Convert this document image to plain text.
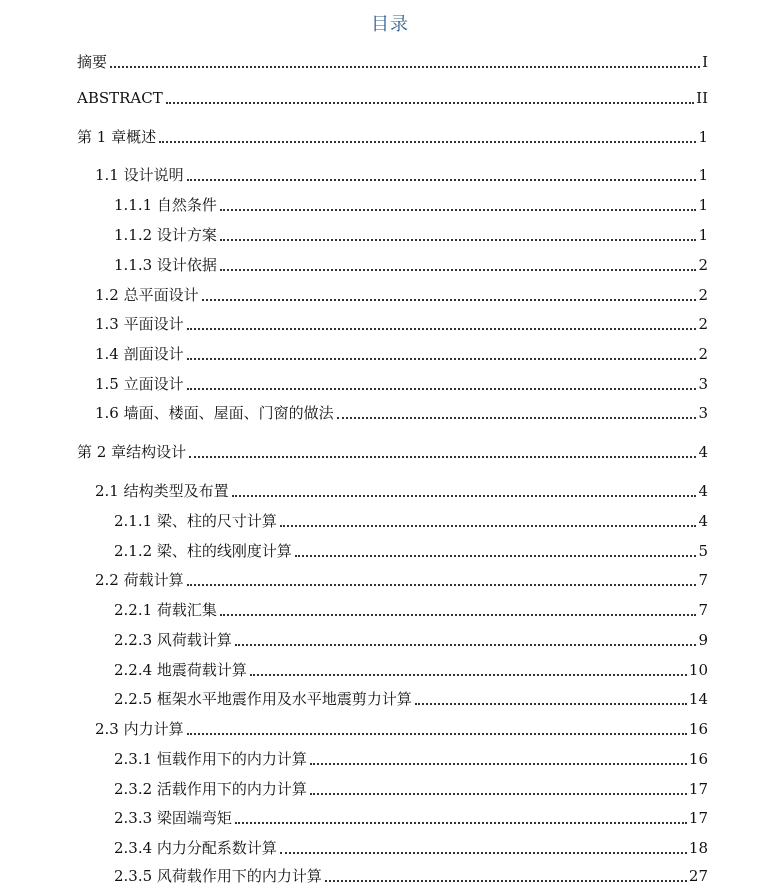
目录
摘要	I
ABSTRACT	II
第 1 章概述	1
1.1 设计说明	1
1.1.1 自然条件	1
1.1.2 设计方案	1
1.1.3 设计依据	2
1.2 总平面设计	2
1.3 平面设计	2
1.4 剖面设计	2
1.5 立面设计	3
1.6 墙面、楼面、屋面、门窗的做法	3
第 2 章结构设计	4
2.1 结构类型及布置	4
2.1.1 梁、柱的尺寸计算	4
2.1.2 梁、柱的线刚度计算	5
2.2 荷载计算	7
2.2.1 荷载汇集	7
2.2.3 风荷载计算	9
2.2.4 地震荷载计算	10
2.2.5 框架水平地震作用及水平地震剪力计算	14
2.3 内力计算	16
2.3.1 恒载作用下的内力计算	16
2.3.2 活载作用下的内力计算	17
2.3.3 梁固端弯矩	17
2.3.4 内力分配系数计算	18
2.3.5 风荷载作用下的内力计算	27
